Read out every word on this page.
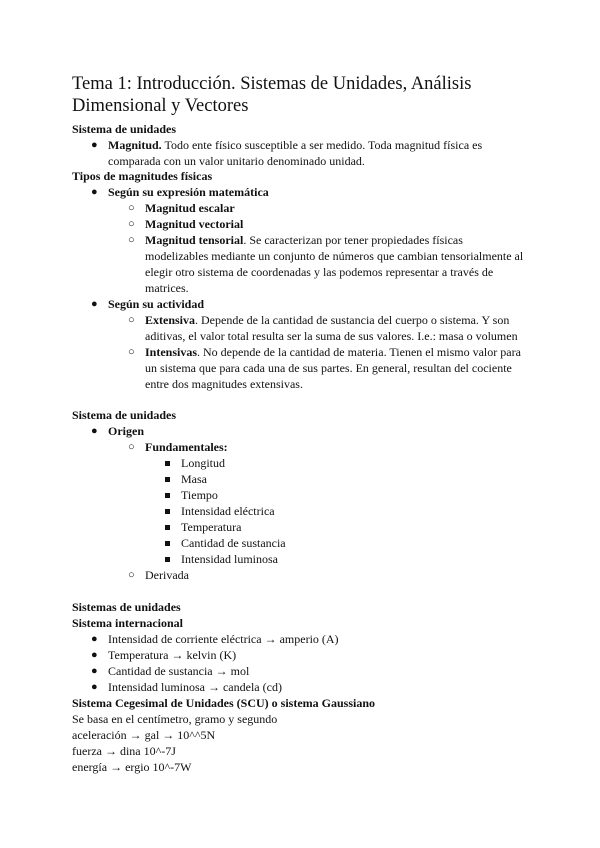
Tema 1: Introducción. Sistemas de Unidades, Análisis Dimensional y Vectores
Sistema de unidades
● Magnitud. Todo ente físico susceptible a ser medido. Toda magnitud física es
comparada con un valor unitario denominado unidad.
Tipos de magnitudes físicas
● Según su expresión matemática
○ Magnitud escalar
○ Magnitud vectorial
○ Magnitud tensorial. Se caracterizan por tener propiedades físicas
modelizables mediante un conjunto de números que cambian tensorialmente al
elegir otro sistema de coordenadas y las podemos representar a través de
matrices.
● Según su actividad
○ Extensiva. Depende de la cantidad de sustancia del cuerpo o sistema. Y son
aditivas, el valor total resulta ser la suma de sus valores. I.e.: masa o volumen
○ Intensivas. No depende de la cantidad de materia. Tienen el mismo valor para
un sistema que para cada una de sus partes. En general, resultan del cociente
entre dos magnitudes extensivas.
Sistema de unidades
● Origen
○ Fundamentales:
Longitud
Masa
Tiempo
Intensidad eléctrica
Temperatura
Cantidad de sustancia
Intensidad luminosa
○ Derivada
Sistemas de unidades
Sistema internacional
● Intensidad de corriente eléctrica → amperio (A)
● Temperatura → kelvin (K)
● Cantidad de sustancia → mol
● Intensidad luminosa → candela (cd)
Sistema Cegesimal de Unidades (SCU) o sistema Gaussiano
Se basa en el centímetro, gramo y segundo
aceleración → gal → 10^^5N
fuerza → dina 10^-7J
energía → ergio 10^-7W
